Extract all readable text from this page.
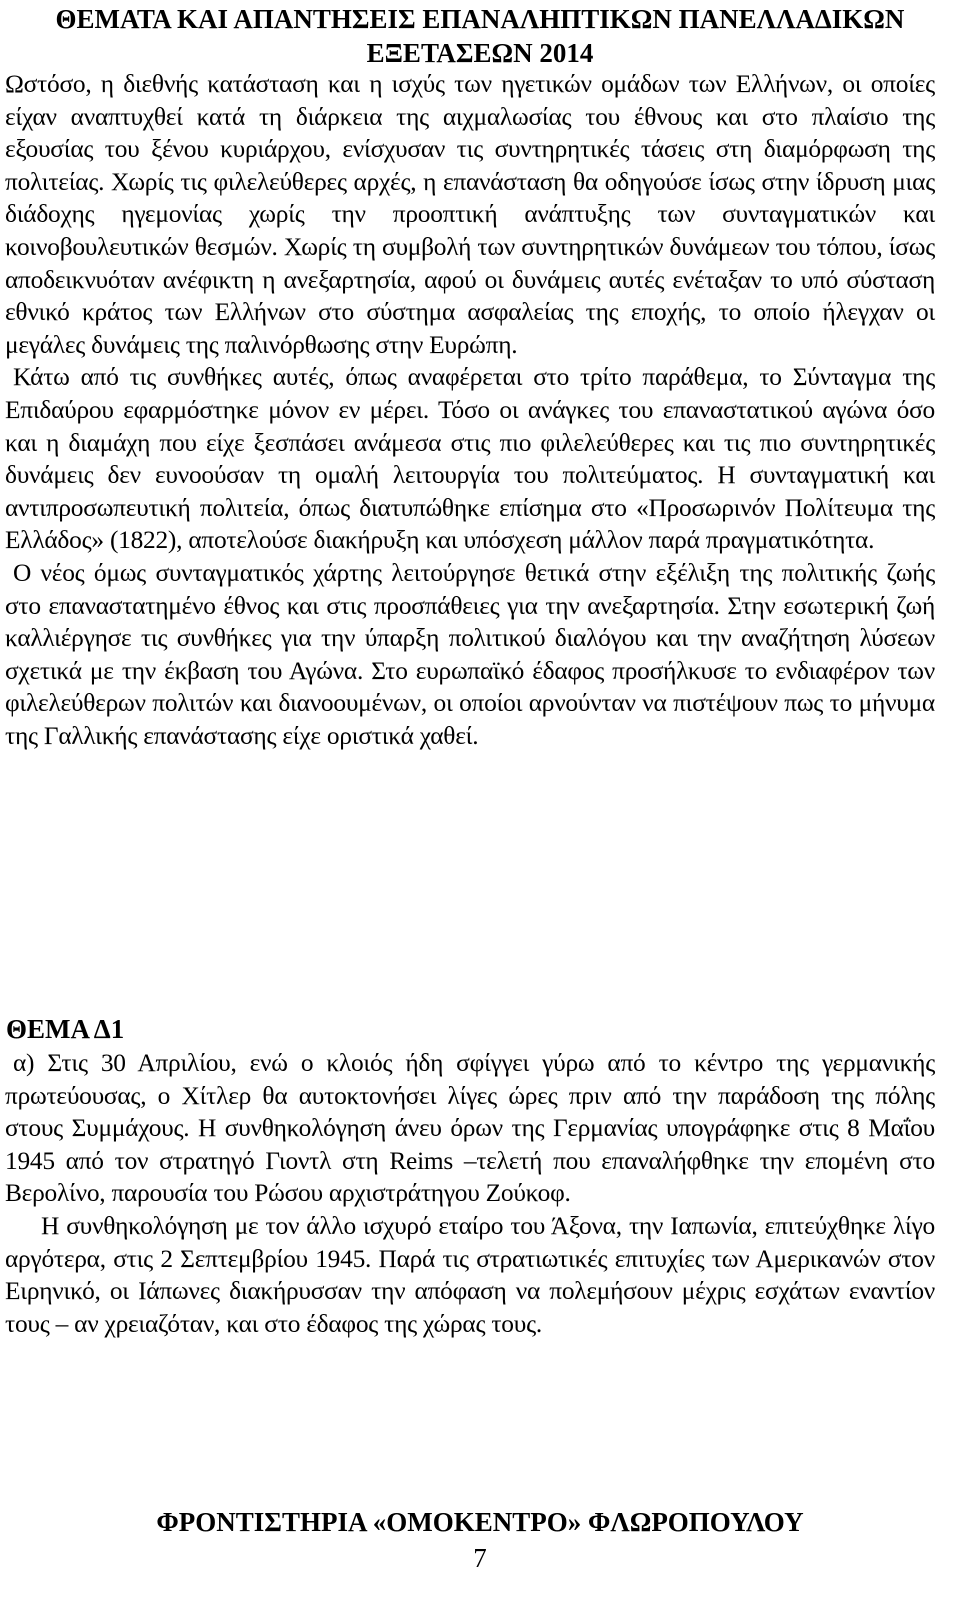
ΘΕΜΑΤΑ ΚΑΙ ΑΠΑΝΤΗΣΕΙΣ ΕΠΑΝΑΛΗΠΤΙΚΩΝ ΠΑΝΕΛΛΑΔΙΚΩΝ
ΕΞΕΤΑΣΕΩΝ 2014

Ωστόσο, η διεθνής κατάσταση και η ισχύς των ηγετικών ομάδων των Ελλήνων, οι οποίες είχαν αναπτυχθεί κατά τη διάρκεια της αιχμαλωσίας του έθνους και στο πλαίσιο της εξουσίας του ξένου κυριάρχου, ενίσχυσαν τις συντηρητικές τάσεις στη διαμόρφωση της πολιτείας. Χωρίς τις φιλελεύθερες αρχές, η επανάσταση θα οδηγούσε ίσως στην ίδρυση μιας διάδοχης ηγεμονίας χωρίς την προοπτική ανάπτυξης των συνταγματικών και κοινοβουλευτικών θεσμών. Χωρίς τη συμβολή των συντηρητικών δυνάμεων του τόπου, ίσως αποδεικνυόταν ανέφικτη η ανεξαρτησία, αφού οι δυνάμεις αυτές ενέταξαν το υπό σύσταση εθνικό κράτος των Ελλήνων στο σύστημα ασφαλείας της εποχής, το οποίο ήλεγχαν οι μεγάλες δυνάμεις της παλινόρθωσης στην Ευρώπη.

Κάτω από τις συνθήκες αυτές, όπως αναφέρεται στο τρίτο παράθεμα, το Σύνταγμα της Επιδαύρου εφαρμόστηκε μόνον εν μέρει. Τόσο οι ανάγκες του επαναστατικού αγώνα όσο και η διαμάχη που είχε ξεσπάσει ανάμεσα στις πιο φιλελεύθερες και τις πιο συντηρητικές δυνάμεις δεν ευνοούσαν τη ομαλή λειτουργία του πολιτεύματος. Η συνταγματική και αντιπροσωπευτική πολιτεία, όπως διατυπώθηκε επίσημα στο «Προσωρινόν Πολίτευμα της Ελλάδος» (1822), αποτελούσε διακήρυξη και υπόσχεση μάλλον παρά πραγματικότητα.

Ο νέος όμως συνταγματικός χάρτης λειτούργησε θετικά στην εξέλιξη της πολιτικής ζωής στο επαναστατημένο έθνος και στις προσπάθειες για την ανεξαρτησία. Στην εσωτερική ζωή καλλιέργησε τις συνθήκες για την ύπαρξη πολιτικού διαλόγου και την αναζήτηση λύσεων σχετικά με την έκβαση του Αγώνα. Στο ευρωπαϊκό έδαφος προσήλκυσε το ενδιαφέρον των φιλελεύθερων πολιτών και διανοουμένων, οι οποίοι αρνούνταν να πιστέψουν πως το μήνυμα της Γαλλικής επανάστασης είχε οριστικά χαθεί.

ΘΕΜΑ Δ1

α) Στις 30 Απριλίου, ενώ ο κλοιός ήδη σφίγγει γύρω από το κέντρο της γερμανικής πρωτεύουσας, ο Χίτλερ θα αυτοκτονήσει λίγες ώρες πριν από την παράδοση της πόλης στους Συμμάχους. Η συνθηκολόγηση άνευ όρων της Γερμανίας υπογράφηκε στις 8 Μαΐου 1945 από τον στρατηγό Γιοντλ στη Reims –τελετή που επαναλήφθηκε την επομένη στο Βερολίνο, παρουσία του Ρώσου αρχιστράτηγου Ζούκοφ.

Η συνθηκολόγηση με τον άλλο ισχυρό εταίρο του Άξονα, την Ιαπωνία, επιτεύχθηκε λίγο αργότερα, στις 2 Σεπτεμβρίου 1945. Παρά τις στρατιωτικές επιτυχίες των Αμερικανών στον Ειρηνικό, οι Ιάπωνες διακήρυσσαν την απόφαση να πολεμήσουν μέχρις εσχάτων εναντίον τους – αν χρειαζόταν, και στο έδαφος της χώρας τους.

ΦΡΟΝΤΙΣΤΗΡΙΑ «ΟΜΟΚΕΝΤΡΟ» ΦΛΩΡΟΠΟΥΛΟΥ
7
